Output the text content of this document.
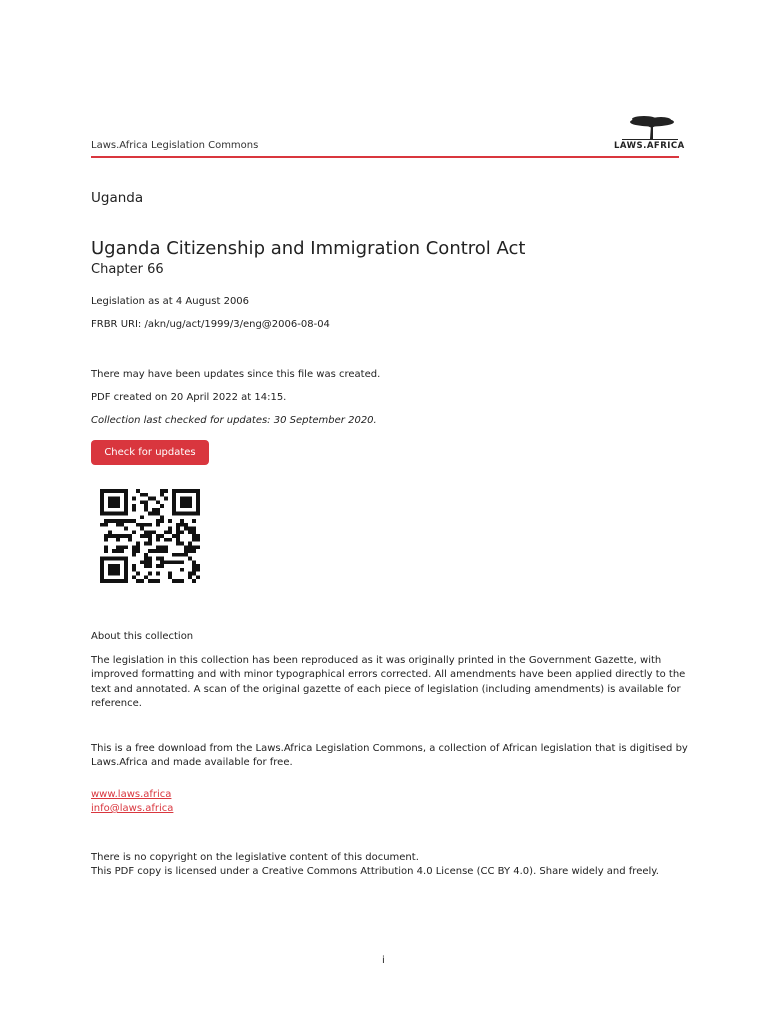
Laws.Africa Legislation Commons	LAWS.AFRICA
Uganda
Uganda Citizenship and Immigration Control Act
Chapter 66
Legislation as at 4 August 2006
FRBR URI: /akn/ug/act/1999/3/eng@2006-08-04
There may have been updates since this file was created.
PDF created on 20 April 2022 at 14:15.
Collection last checked for updates: 30 September 2020.
Check for updates
About this collection

The legislation in this collection has been reproduced as it was originally printed in the Government Gazette, with improved formatting and with minor typographical errors corrected. All amendments have been applied directly to the text and annotated. A scan of the original gazette of each piece of legislation (including amendments) is available for reference.

This is a free download from the Laws.Africa Legislation Commons, a collection of African legislation that is digitised by Laws.Africa and made available for free.

www.laws.africa
info@laws.africa
There is no copyright on the legislative content of this document.
This PDF copy is licensed under a Creative Commons Attribution 4.0 License (CC BY 4.0). Share widely and freely.
i
